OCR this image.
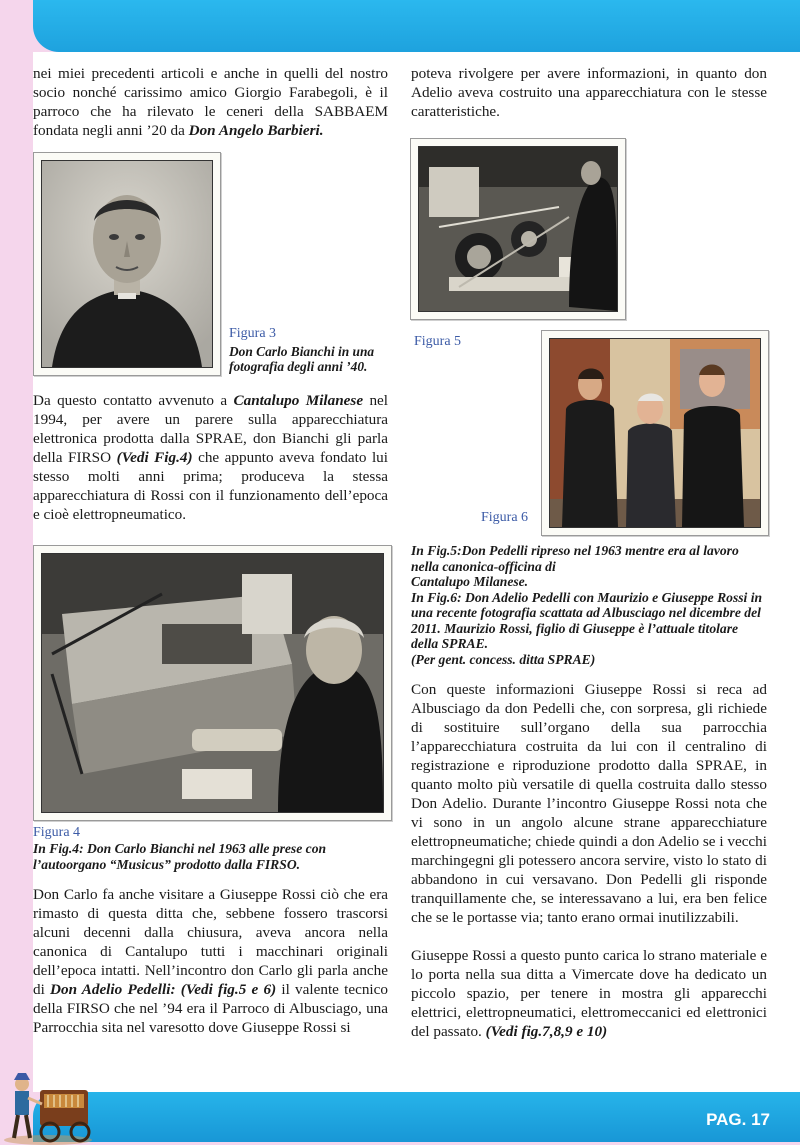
PAG. 17

nei miei precedenti articoli e anche in quelli del nostro socio nonché carissimo amico Giorgio Farabegoli, è il parroco che ha rilevato le ceneri della SABBAEM fondata negli anni ’20 da Don Angelo Barbieri.

Figura 3

Don Carlo Bianchi in una fotografia degli anni ’40.

Da questo contatto avvenuto a Cantalupo Milanese nel 1994, per avere un parere sulla apparecchiatura elettronica prodotta dalla SPRAE, don Bianchi gli parla della FIRSO (Vedi Fig.4) che appunto aveva fondato lui stesso molti anni prima; produceva la stessa apparecchiatura di Rossi con il funzionamento dell’epoca e cioè elettropneumatico.

Figura 4

In Fig.4: Don Carlo Bianchi nel 1963 alle prese con l’autoorgano “Musicus” prodotto dalla FIRSO.

Don Carlo fa anche visitare a Giuseppe Rossi ciò che era rimasto di questa ditta che, sebbene fossero trascorsi alcuni decenni dalla chiusura, aveva ancora nella canonica di Cantalupo tutti i macchinari originali dell’epoca intatti. Nell’incontro don Carlo gli parla anche di Don Adelio Pedelli: (Vedi fig.5 e 6) il valente tecnico della FIRSO che nel ’94 era il Parroco di Albusciago, una Parrocchia sita nel varesotto dove Giuseppe Rossi si

poteva rivolgere per avere informazioni, in quanto don Adelio aveva costruito una apparecchiatura con le stesse caratteristiche.

Figura 5
Figura 6

In Fig.5:Don Pedelli ripreso nel 1963 mentre era al lavoro nella canonica-officina di

Cantalupo Milanese.

In Fig.6: Don Adelio Pedelli con Maurizio e Giuseppe Rossi in una recente fotografia scattata ad Albusciago nel dicembre del 2011. Maurizio Rossi, figlio di Giuseppe è l’attuale titolare della SPRAE.

(Per gent. concess. ditta SPRAE)

Con queste informazioni Giuseppe Rossi si reca ad Albusciago da don Pedelli che, con sorpresa, gli richiede di sostituire sull’organo della sua parrocchia l’apparecchiatura costruita da lui con il centralino di registrazione e riproduzione prodotto dalla SPRAE, in quanto molto più versatile di quella costruita dallo stesso Don Adelio. Durante l’incontro Giuseppe Rossi nota che vi sono in un angolo alcune strane apparecchiature elettropneumatiche; chiede quindi a don Adelio se i vecchi marchingegni gli potessero ancora servire, visto lo stato di abbandono in cui versavano. Don Pedelli gli risponde tranquillamente che, se interessavano a lui, era ben felice che se le portasse via; tanto erano ormai inutilizzabili.

Giuseppe Rossi a questo punto carica lo strano materiale e lo porta nella sua ditta a Vimercate dove ha dedicato un piccolo spazio, per tenere in mostra gli apparecchi elettrici, elettropneumatici, elettromeccanici ed elettronici del passato. (Vedi fig.7,8,9 e 10)
